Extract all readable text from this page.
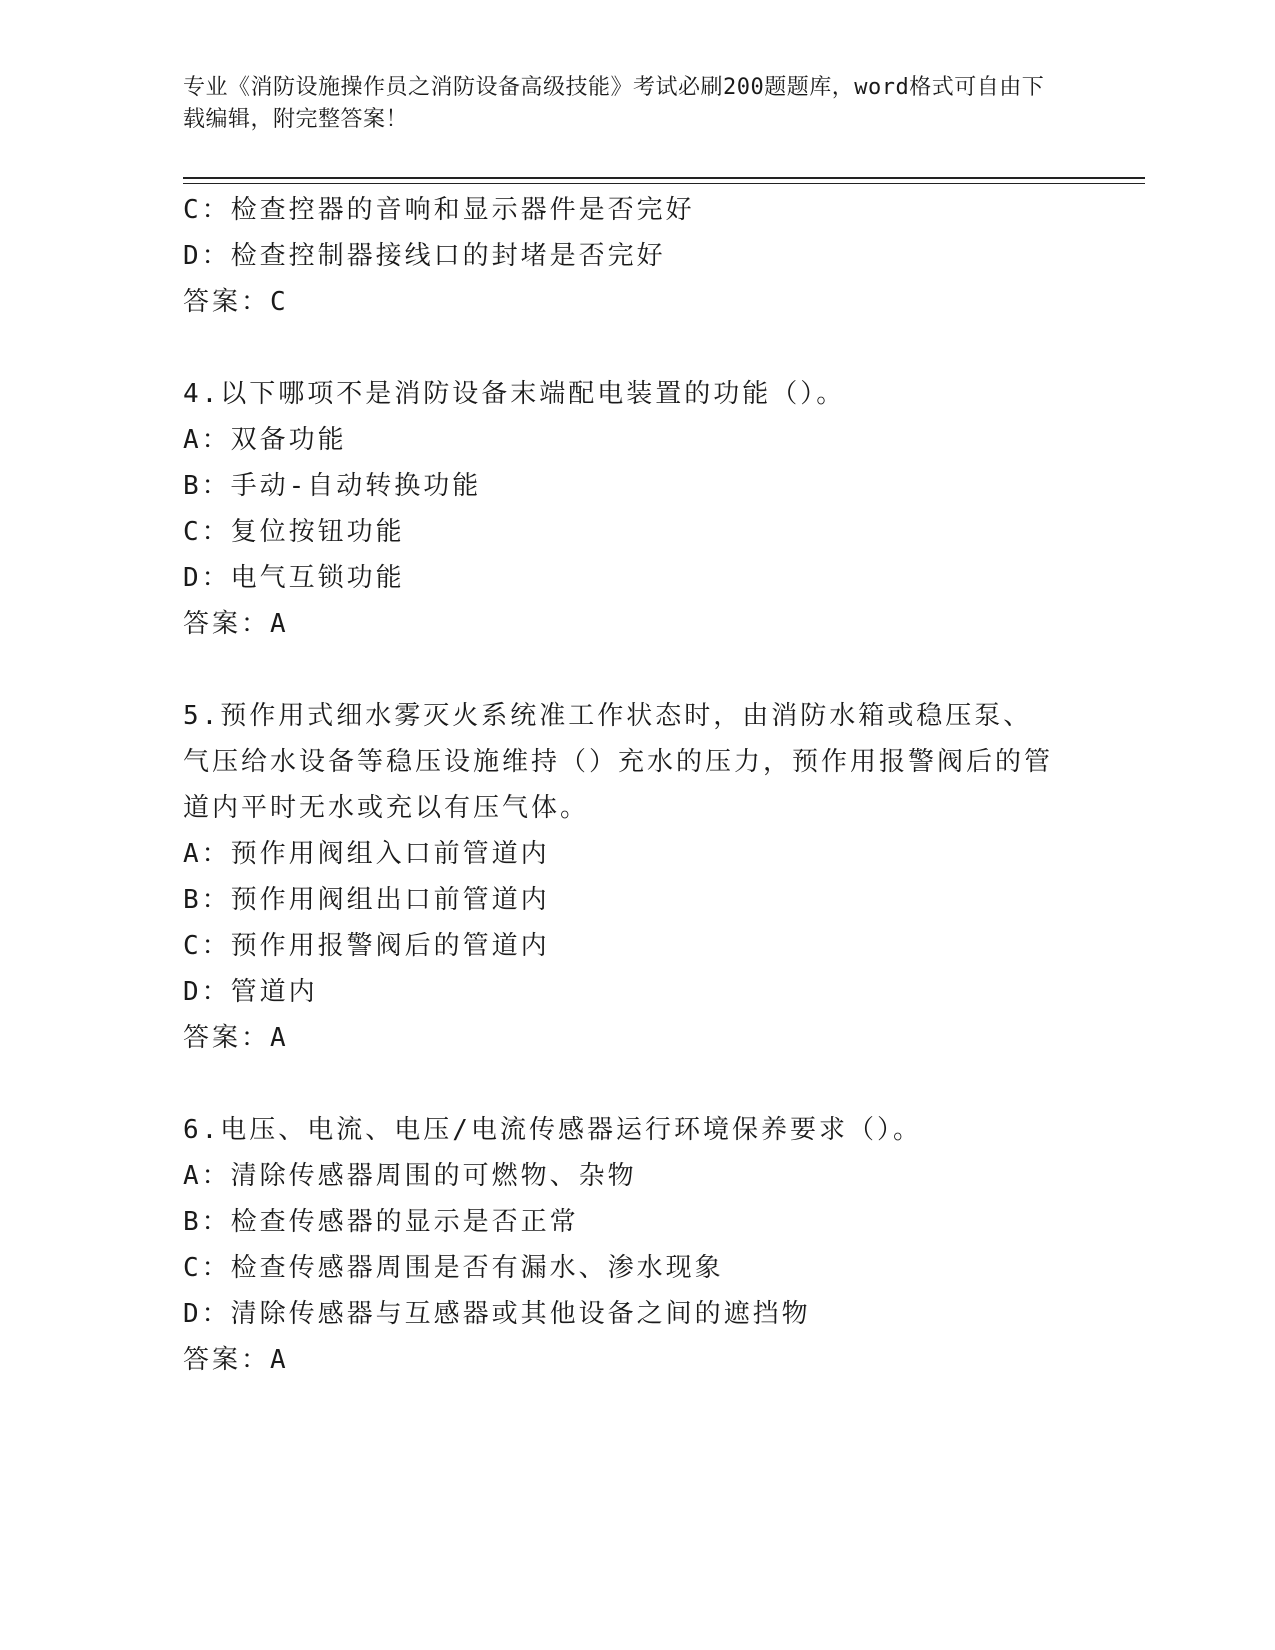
专业《消防设施操作员之消防设备高级技能》考试必刷200题题库，word格式可自由下载编辑，附完整答案！
C：检查控器的音响和显示器件是否完好
D：检查控制器接线口的封堵是否完好
答案：C
4.以下哪项不是消防设备末端配电装置的功能（）。
A：双备功能
B：手动-自动转换功能
C：复位按钮功能
D：电气互锁功能
答案：A
5.预作用式细水雾灭火系统准工作状态时，由消防水箱或稳压泵、气压给水设备等稳压设施维持（）充水的压力，预作用报警阀后的管道内平时无水或充以有压气体。
A：预作用阀组入口前管道内
B：预作用阀组出口前管道内
C：预作用报警阀后的管道内
D：管道内
答案：A
6.电压、电流、电压/电流传感器运行环境保养要求（）。
A：清除传感器周围的可燃物、杂物
B：检查传感器的显示是否正常
C：检查传感器周围是否有漏水、渗水现象
D：清除传感器与互感器或其他设备之间的遮挡物
答案：A
